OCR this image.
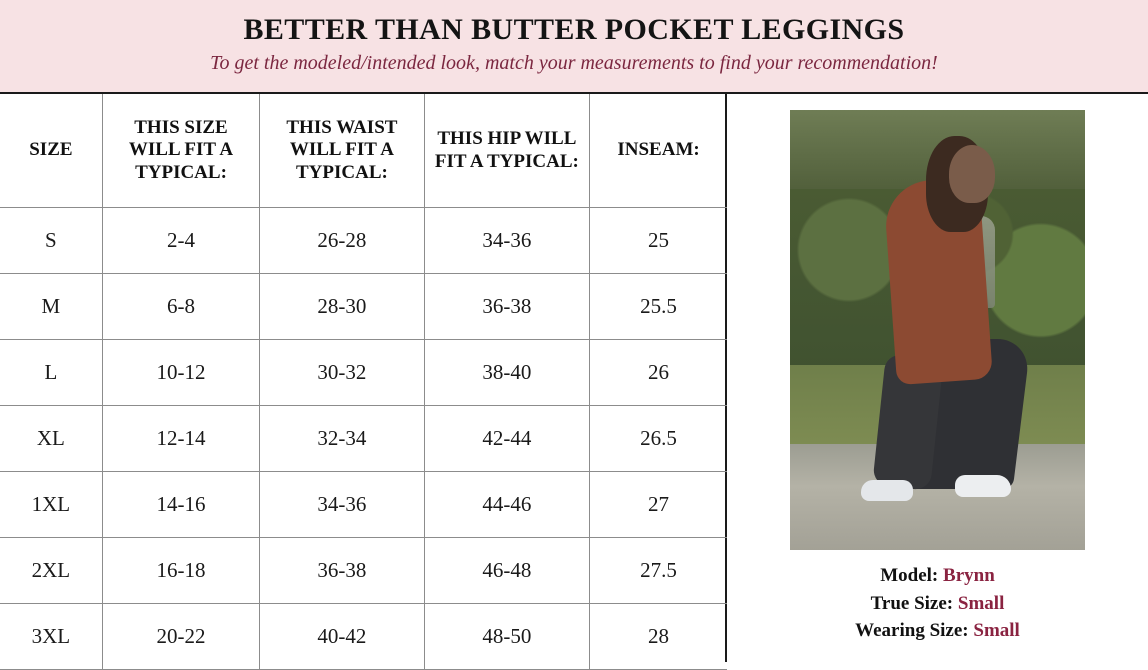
BETTER THAN BUTTER POCKET LEGGINGS
To get the modeled/intended look, match your measurements to find your recommendation!
SIZE	THIS SIZE WILL FIT A TYPICAL:	THIS WAIST WILL FIT A TYPICAL:	THIS HIP WILL FIT A TYPICAL:	INSEAM:
S	2-4	26-28	34-36	25
M	6-8	28-30	36-38	25.5
L	10-12	30-32	38-40	26
XL	12-14	32-34	42-44	26.5
1XL	14-16	34-36	44-46	27
2XL	16-18	36-38	46-48	27.5
3XL	20-22	40-42	48-50	28
Model: Brynn
True Size: Small
Wearing Size: Small
